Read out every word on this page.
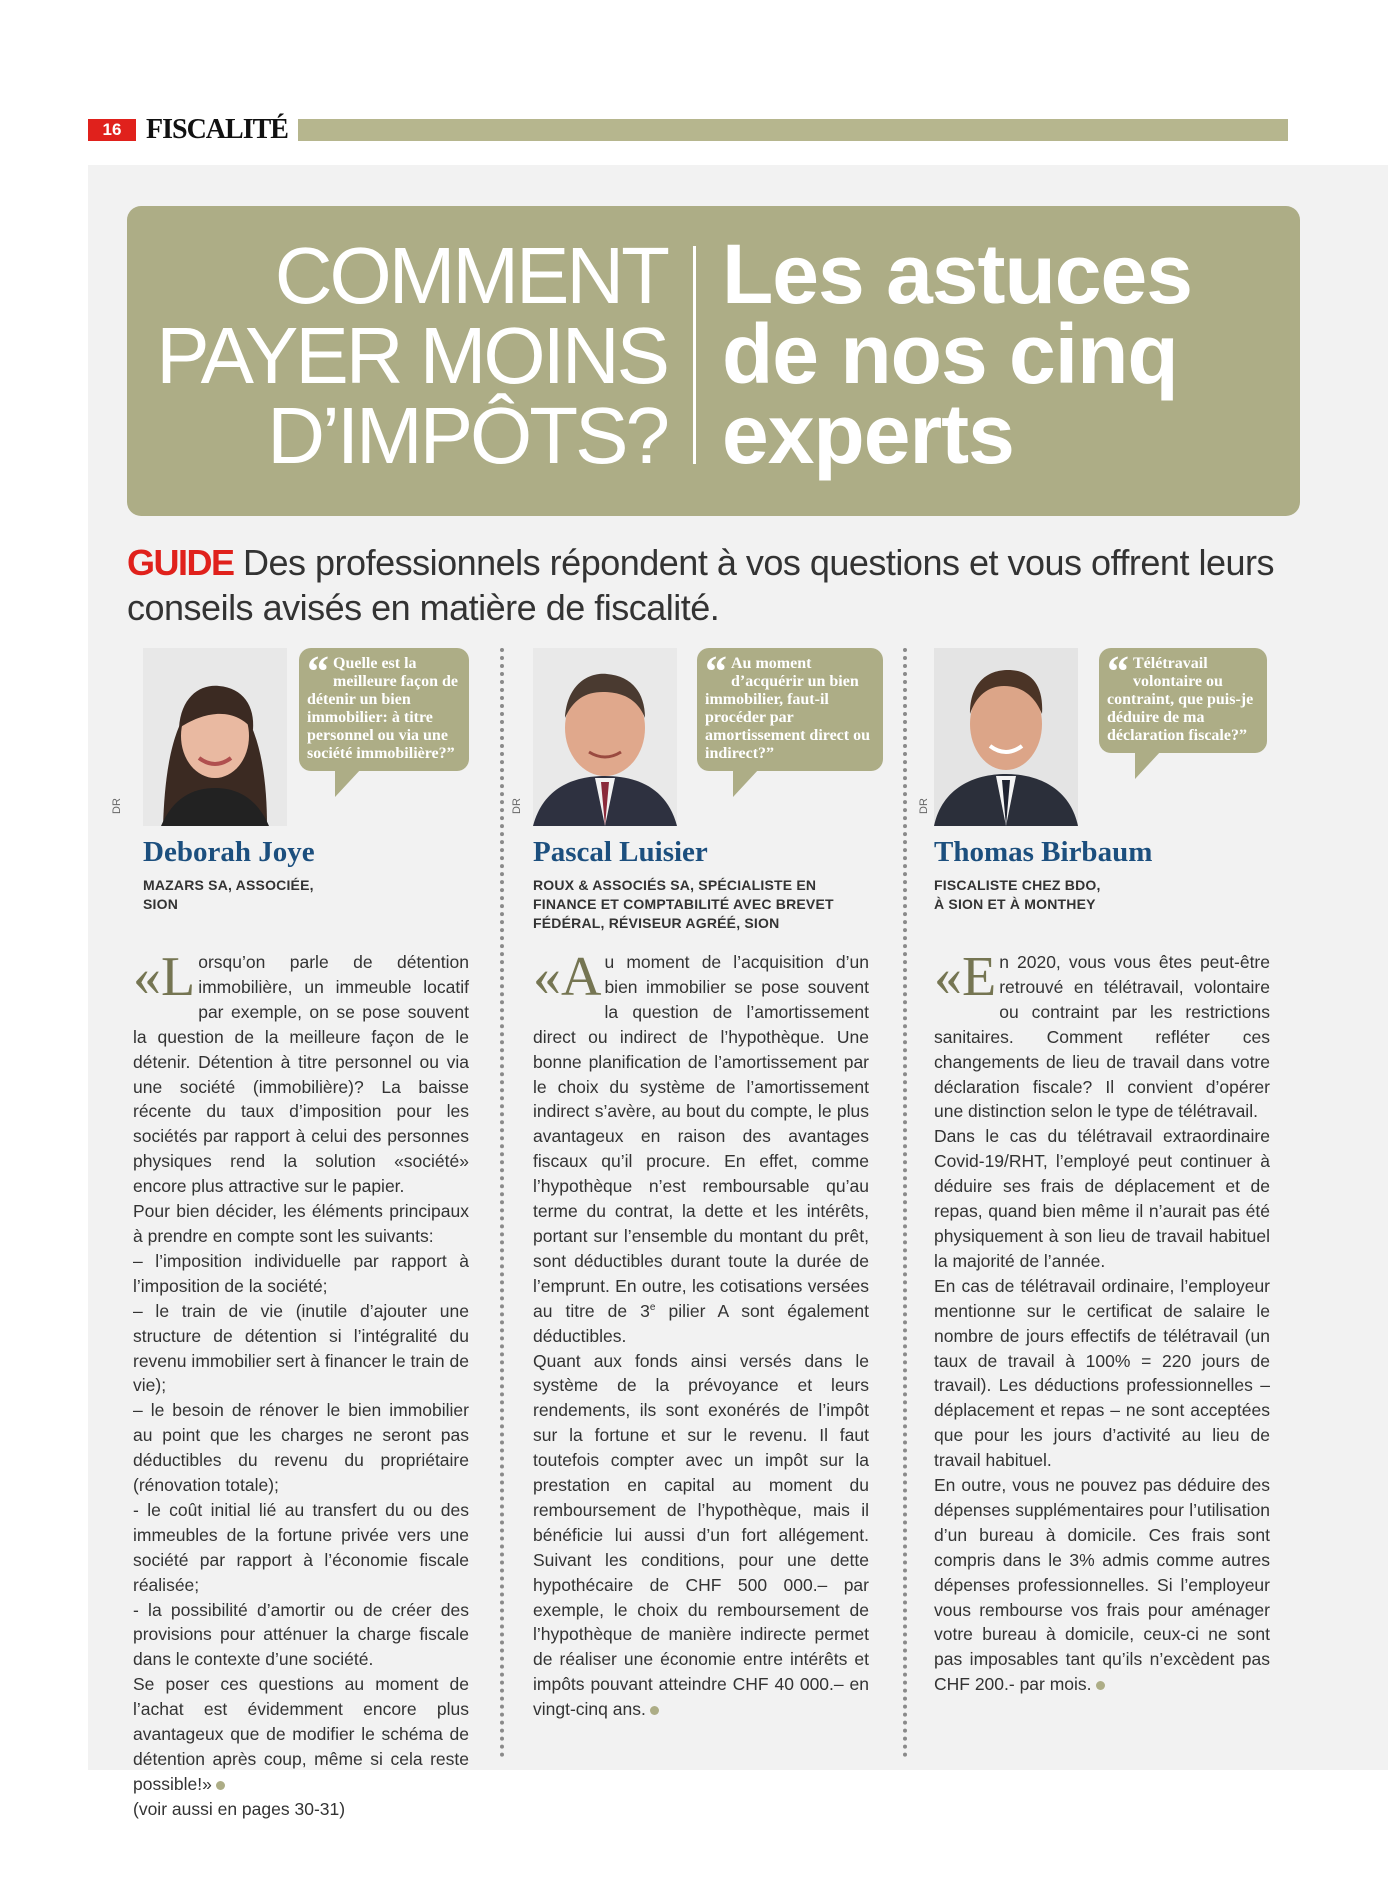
16 FISCALITÉ
COMMENT
PAYER MOINS
D’IMPÔTS?
Les astuces
de nos cinq
experts
GUIDE Des professionnels répondent à vos questions et vous offrent leurs conseils avisés en matière de fiscalité.
DR
“ Quelle est la meilleure façon de détenir un bien immobilier: à titre personnel ou via une société immobilière?”
Deborah Joye
MAZARS SA, ASSOCIÉE,
SION

«Lorsqu’on parle de détention immobilière, un immeuble locatif par exemple, on se pose souvent la question de la meilleure façon de le détenir. Détention à titre personnel ou via une société (immobilière)? La baisse récente du taux d’imposition pour les sociétés par rapport à celui des personnes physiques rend la solution «société» encore plus attractive sur le papier.

Pour bien décider, les éléments principaux à prendre en compte sont les suivants:

– l’imposition individuelle par rapport à l’imposition de la société;

– le train de vie (inutile d’ajouter une structure de détention si l’intégralité du revenu immobilier sert à financer le train de vie);

– le besoin de rénover le bien immobilier au point que les charges ne seront pas déductibles du revenu du propriétaire (rénovation totale);

- le coût initial lié au transfert du ou des immeubles de la fortune privée vers une société par rapport à l’économie fiscale réalisée;

- la possibilité d’amortir ou de créer des provisions pour atténuer la charge fiscale dans le contexte d’une société.

Se poser ces questions au moment de l’achat est évidemment encore plus avantageux que de modifier le schéma de détention après coup, même si cela reste possible!»

(voir aussi en pages 30-31)

DR
“ Au moment d’acquérir un bien immobilier, faut-il procéder par amortissement direct ou indirect?”
Pascal Luisier
ROUX & ASSOCIÉS SA, SPÉCIALISTE EN
FINANCE ET COMPTABILITÉ AVEC BREVET
FÉDÉRAL, RÉVISEUR AGRÉÉ, SION

«Au moment de l’acquisition d’un bien immobilier se pose souvent la question de l’amortissement direct ou indirect de l’hypothèque. Une bonne planification de l’amortissement par le choix du système de l’amortissement indirect s’avère, au bout du compte, le plus avantageux en raison des avantages fiscaux qu’il procure. En effet, comme l’hypothèque n’est remboursable qu’au terme du contrat, la dette et les intérêts, portant sur l’ensemble du montant du prêt, sont déductibles durant toute la durée de l’emprunt. En outre, les cotisations versées au titre de 3e pilier A sont également déductibles.

Quant aux fonds ainsi versés dans le système de la prévoyance et leurs rendements, ils sont exonérés de l’impôt sur la fortune et sur le revenu. Il faut toutefois compter avec un impôt sur la prestation en capital au moment du remboursement de l’hypothèque, mais il bénéficie lui aussi d’un fort allégement. Suivant les conditions, pour une dette hypothécaire de CHF 500 000.– par exemple, le choix du remboursement de l’hypothèque de manière indirecte permet de réaliser une économie entre intérêts et impôts pouvant atteindre CHF 40 000.– en vingt-cinq ans.

DR
“ Télétravail volontaire ou contraint, que puis-je déduire de ma déclaration fiscale?”
Thomas Birbaum
FISCALISTE CHEZ BDO,
À SION ET À MONTHEY

«En 2020, vous vous êtes peut-être retrouvé en télétravail, volontaire ou contraint par les restrictions sanitaires. Comment refléter ces changements de lieu de travail dans votre déclaration fiscale? Il convient d’opérer une distinction selon le type de télétravail.

Dans le cas du télétravail extraordinaire Covid-19/RHT, l’employé peut continuer à déduire ses frais de déplacement et de repas, quand bien même il n’aurait pas été physiquement à son lieu de travail habituel la majorité de l’année.

En cas de télétravail ordinaire, l’employeur mentionne sur le certificat de salaire le nombre de jours effectifs de télétravail (un taux de travail à 100% = 220 jours de travail). Les déductions professionnelles – déplacement et repas – ne sont acceptées que pour les jours d’activité au lieu de travail habituel.

En outre, vous ne pouvez pas déduire des dépenses supplémentaires pour l’utilisation d’un bureau à domicile. Ces frais sont compris dans le 3% admis comme autres dépenses professionnelles. Si l’employeur vous rembourse vos frais pour aménager votre bureau à domicile, ceux-ci ne sont pas imposables tant qu’ils n’excèdent pas CHF 200.- par mois.
